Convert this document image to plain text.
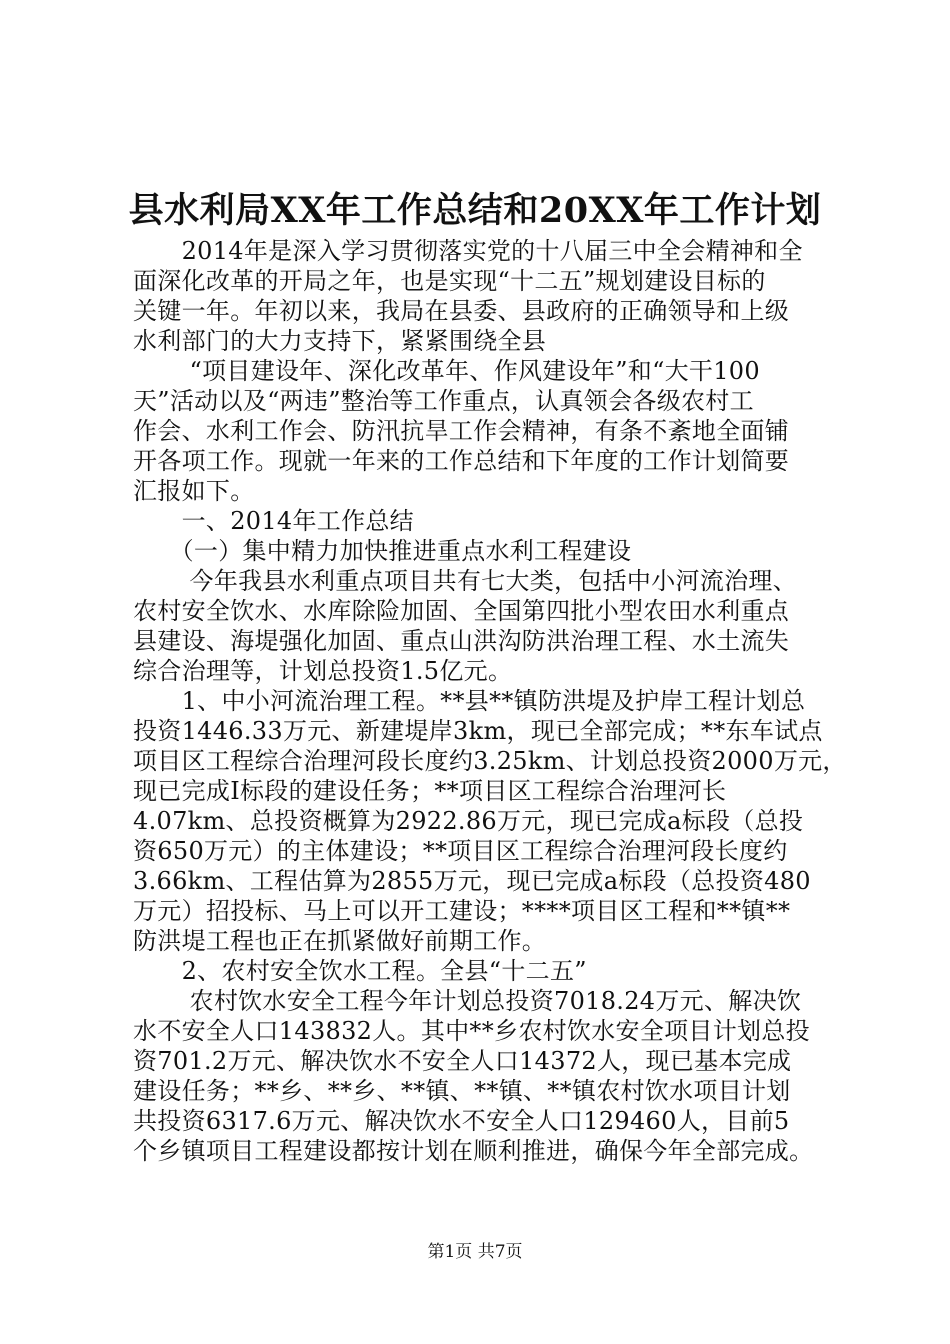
县水利局XX年工作总结和20XX年工作计划
　　2014年是深入学习贯彻落实党的十八届三中全会精神和全
面深化改革的开局之年，也是实现“十二五”规划建设目标的
关键一年。年初以来，我局在县委、县政府的正确领导和上级
水利部门的大力支持下，紧紧围绕全县
　　 “项目建设年、深化改革年、作风建设年”和“大干100
天”活动以及“两违”整治等工作重点，认真领会各级农村工
作会、水利工作会、防汛抗旱工作会精神，有条不紊地全面铺
开各项工作。现就一年来的工作总结和下年度的工作计划简要
汇报如下。
　　一、2014年工作总结
　　（一）集中精力加快推进重点水利工程建设
　　 今年我县水利重点项目共有七大类，包括中小河流治理、
农村安全饮水、水库除险加固、全国第四批小型农田水利重点
县建设、海堤强化加固、重点山洪沟防洪治理工程、水土流失
综合治理等，计划总投资1.5亿元。
　　1、中小河流治理工程。**县**镇防洪堤及护岸工程计划总
投资1446.33万元、新建堤岸3km，现已全部完成；**东车试点
项目区工程综合治理河段长度约3.25km、计划总投资2000万元，
现已完成Ⅰ标段的建设任务；**项目区工程综合治理河长
4.07km、总投资概算为2922.86万元，现已完成a标段（总投
资650万元）的主体建设；**项目区工程综合治理河段长度约
3.66km、工程估算为2855万元，现已完成a标段（总投资480
万元）招投标、马上可以开工建设；****项目区工程和**镇**
防洪堤工程也正在抓紧做好前期工作。
　　2、农村安全饮水工程。全县“十二五”
　　 农村饮水安全工程今年计划总投资7018.24万元、解决饮
水不安全人口143832人。其中**乡农村饮水安全项目计划总投
资701.2万元、解决饮水不安全人口14372人，现已基本完成
建设任务；**乡、**乡、**镇、**镇、**镇农村饮水项目计划
共投资6317.6万元、解决饮水不安全人口129460人，目前5
个乡镇项目工程建设都按计划在顺利推进，确保今年全部完成。
第1页 共7页
